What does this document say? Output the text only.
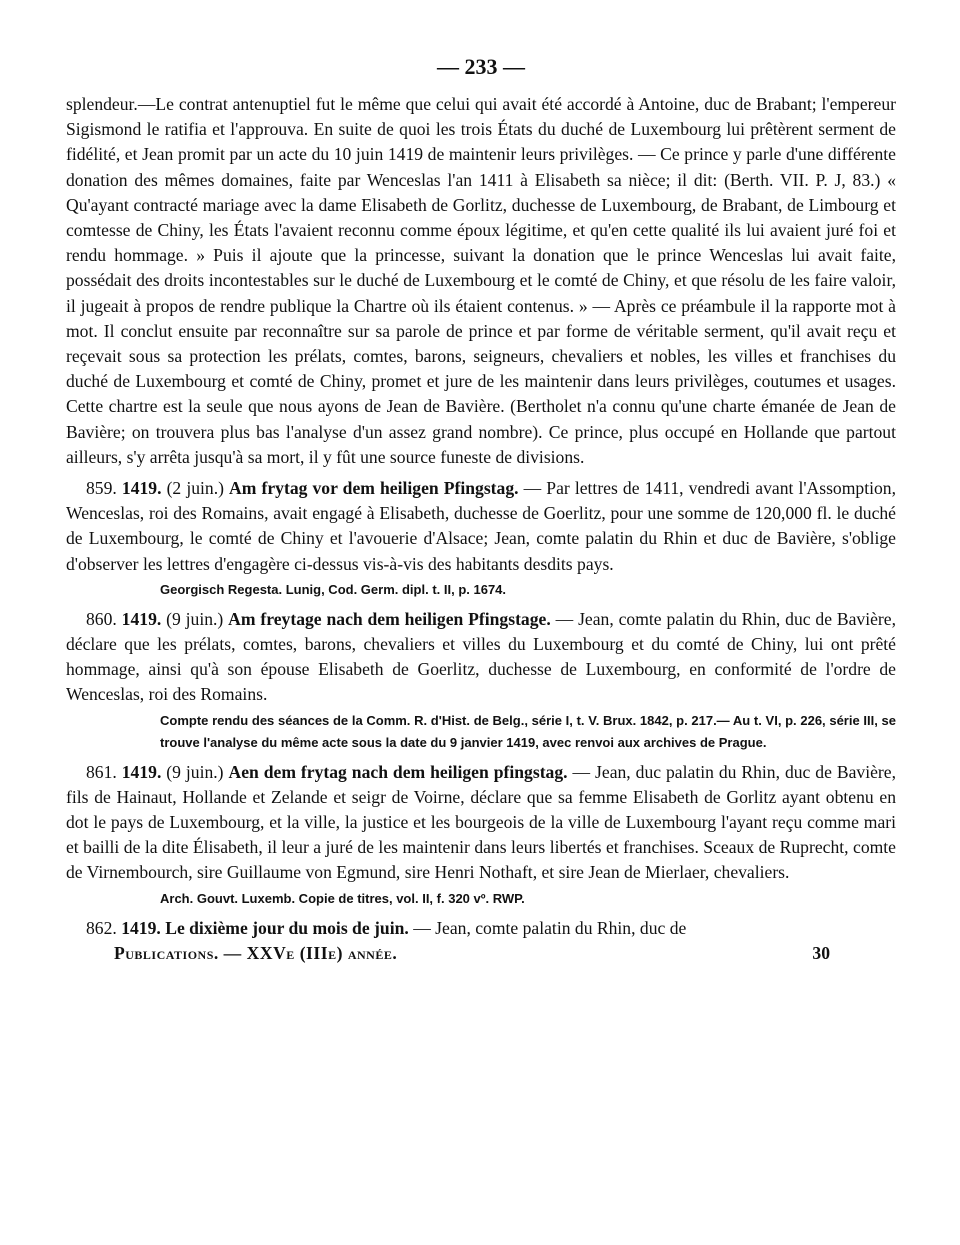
— 233 —

splendeur.—Le contrat antenuptiel fut le même que celui qui avait été accordé à Antoine, duc de Brabant; l'empereur Sigismond le ratifia et l'approuva. En suite de quoi les trois États du duché de Luxembourg lui prêtèrent serment de fidélité, et Jean promit par un acte du 10 juin 1419 de maintenir leurs privilèges. — Ce prince y parle d'une différente donation des mêmes domaines, faite par Wenceslas l'an 1411 à Elisabeth sa nièce; il dit: (Berth. VII. P. J, 83.) « Qu'ayant contracté mariage avec la dame Elisabeth de Gorlitz, duchesse de Luxembourg, de Brabant, de Limbourg et comtesse de Chiny, les États l'avaient reconnu comme époux légitime, et qu'en cette qualité ils lui avaient juré foi et rendu hommage. » Puis il ajoute que la princesse, suivant la donation que le prince Wenceslas lui avait faite, possédait des droits incontestables sur le duché de Luxembourg et le comté de Chiny, et que résolu de les faire valoir, il jugeait à propos de rendre publique la Chartre où ils étaient contenus. » — Après ce préambule il la rapporte mot à mot. Il conclut ensuite par reconnaître sur sa parole de prince et par forme de véritable serment, qu'il avait reçu et reçevait sous sa protection les prélats, comtes, barons, seigneurs, chevaliers et nobles, les villes et franchises du duché de Luxembourg et comté de Chiny, promet et jure de les maintenir dans leurs privilèges, coutumes et usages. Cette chartre est la seule que nous ayons de Jean de Bavière. (Bertholet n'a connu qu'une charte émanée de Jean de Bavière; on trouvera plus bas l'analyse d'un assez grand nombre). Ce prince, plus occupé en Hollande que partout ailleurs, s'y arrêta jusqu'à sa mort, il y fût une source funeste de divisions.

859. 1419. (2 juin.) Am frytag vor dem heiligen Pfingstag. — Par lettres de 1411, vendredi avant l'Assomption, Wenceslas, roi des Romains, avait engagé à Elisabeth, duchesse de Goerlitz, pour une somme de 120,000 fl. le duché de Luxembourg, le comté de Chiny et l'avouerie d'Alsace; Jean, comte palatin du Rhin et duc de Bavière, s'oblige d'observer les lettres d'engagère ci-dessus vis-à-vis des habitants desdits pays.

Georgisch Regesta. Lunig, Cod. Germ. dipl. t. II, p. 1674.

860. 1419. (9 juin.) Am freytage nach dem heiligen Pfingstage. — Jean, comte palatin du Rhin, duc de Bavière, déclare que les prélats, comtes, barons, chevaliers et villes du Luxembourg et du comté de Chiny, lui ont prêté hommage, ainsi qu'à son épouse Elisabeth de Goerlitz, duchesse de Luxembourg, en conformité de l'ordre de Wenceslas, roi des Romains.

Compte rendu des séances de la Comm. R. d'Hist. de Belg., série I, t. V. Brux. 1842, p. 217.— Au t. VI, p. 226, série III, se trouve l'analyse du même acte sous la date du 9 janvier 1419, avec renvoi aux archives de Prague.

861. 1419. (9 juin.) Aen dem frytag nach dem heiligen pfingstag. — Jean, duc palatin du Rhin, duc de Bavière, fils de Hainaut, Hollande et Zelande et seigr de Voirne, déclare que sa femme Elisabeth de Gorlitz ayant obtenu en dot le pays de Luxembourg, et la ville, la justice et les bourgeois de la ville de Luxembourg l'ayant reçu comme mari et bailli de la dite Élisabeth, il leur a juré de les maintenir dans leurs libertés et franchises. Sceaux de Ruprecht, comte de Virnembourch, sire Guillaume von Egmund, sire Henri Nothaft, et sire Jean de Mierlaer, chevaliers.

Arch. Gouvt. Luxemb. Copie de titres, vol. II, f. 320 vº. RWP.

862. 1419. Le dixième jour du mois de juin. — Jean, comte palatin du Rhin, duc de

Publications. — XXVe (IIIe) année.	30
